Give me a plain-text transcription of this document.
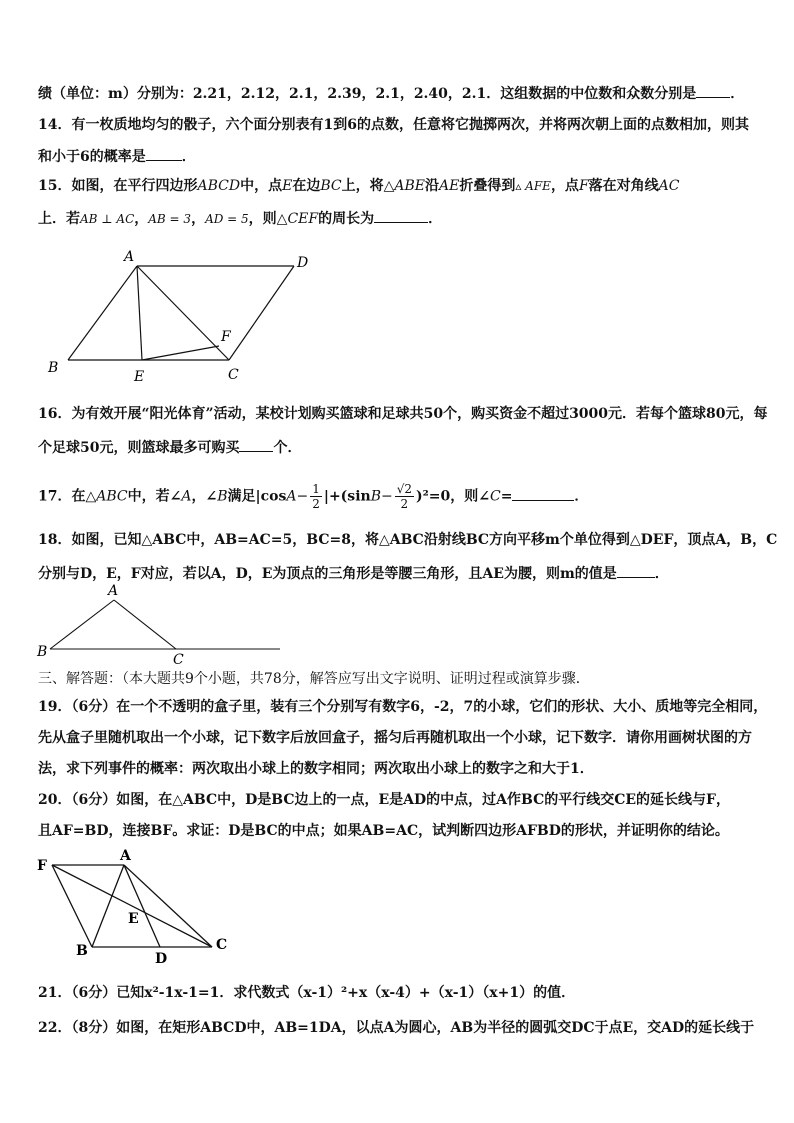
绩（单位：m）分别为：2.21，2.12，2.1，2.39，2.1，2.40，2.1．这组数据的中位数和众数分别是 ．
14．有一枚质地均匀的骰子，六个面分别表有1到6的点数，任意将它抛掷两次，并将两次朝上面的点数相加，则其
和小于6的概率是	．
15．如图，在平行四边形ABCD中，点E在边BC上，将△ABE沿AE折叠得到▵ AFE，点F落在对角线AC
上．若AB ⊥ AC，AB = 3，AD = 5，则△CEF的周长为	．
A	D
B
E	C
F
16．为有效开展“阳光体育”活动，某校计划购买篮球和足球共50个，购买资金不超过3000元．若每个篮球80元，每
个足球50元，则篮球最多可购买 个．
17．在△ABC中，若∠A，∠B满足$|\cos A- \frac{1}{2} |+(\sin B- \frac{√2}{2} )^2=0$，则∠C=	．
18．如图，已知△ABC中，AB=AC=5，BC=8，将△ABC沿射线BC方向平移m个单位得到△DEF，顶点A，B，C
分别与D，E，F对应，若以A，D，E为顶点的三角形是等腰三角形，且AE为腰，则m的值是	．
A
B	C
三、解答题：（本大题共9个小题，共78分，解答应写出文字说明、证明过程或演算步骤．
19．（6分）在一个不透明的盒子里，装有三个分别写有数字6，-2，7的小球，它们的形状、大小、质地等完全相同，
先从盒子里随机取出一个小球，记下数字后放回盒子，摇匀后再随机取出一个小球，记下数字．请你用画树状图的方
法，求下列事件的概率：两次取出小球上的数字相同；两次取出小球上的数字之和大于1．
20．（6分）如图，在△ABC中，D是BC边上的一点，E是AD的中点，过A作BC的平行线交CE的延长线与F，
且AF=BD，连接BF。求证：D是BC的中点；如果AB=AC，试判断四边形AFBD的形状，并证明你的结论。
F
A
E
B	D
C
21．（6分）已知x²-1x-1=1．求代数式（x-1）²+x（x-4）+（x-1）（x+1）的值．
22．（8分）如图，在矩形ABCD中，AB=1DA，以点A为圆心，AB为半径的圆弧交DC于点E，交AD的延长线于
